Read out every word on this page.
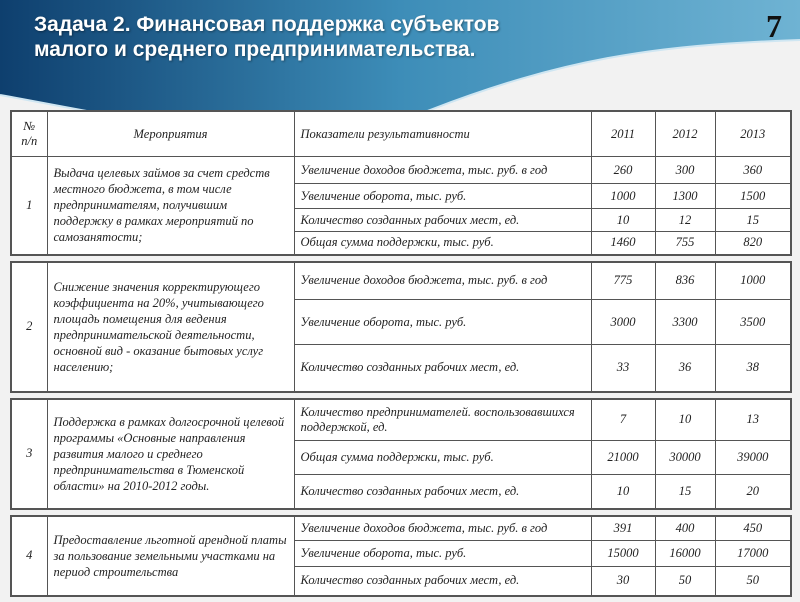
Задача 2. Финансовая поддержка субъектов
малого и среднего предпринимательства.
№ п/п	Мероприятия	Показатели результативности	2011	2012	2013
1	Выдача целевых займов за счет средств местного бюджета, в том числе предпринимателям, получившим поддержку в рамках мероприятий по самозанятости;	Увеличение доходов бюджета, тыс. руб. в год	260	300	360
		Увеличение оборота, тыс. руб.	1000	1300	1500
		Количество созданных рабочих мест, ед.	10	12	15
		Общая сумма поддержки, тыс. руб.	1460	755	820
2	Снижение значения корректирующего коэффициента на 20%, учитывающего площадь помещения для ведения предпринимательской деятельности, основной вид - оказание бытовых услуг населению;	Увеличение доходов бюджета, тыс. руб. в год	775	836	1000
		Увеличение оборота, тыс. руб.	3000	3300	3500
		Количество созданных рабочих мест, ед.	33	36	38
3	Поддержка в рамках долгосрочной целевой программы «Основные направления развития малого и среднего предпринимательства в Тюменской области» на 2010-2012 годы.	Количество предпринимателей. воспользовавшихся поддержкой, ед.	7	10	13
		Общая сумма поддержки, тыс. руб.	21000	30000	39000
		Количество созданных рабочих мест, ед.	10	15	20
4	Предоставление льготной арендной платы за пользование земельными участками на период строительства	Увеличение доходов бюджета, тыс. руб. в год	391	400	450
		Увеличение оборота, тыс. руб.	15000	16000	17000
		Количество созданных рабочих мест, ед.	30	50	50
7
